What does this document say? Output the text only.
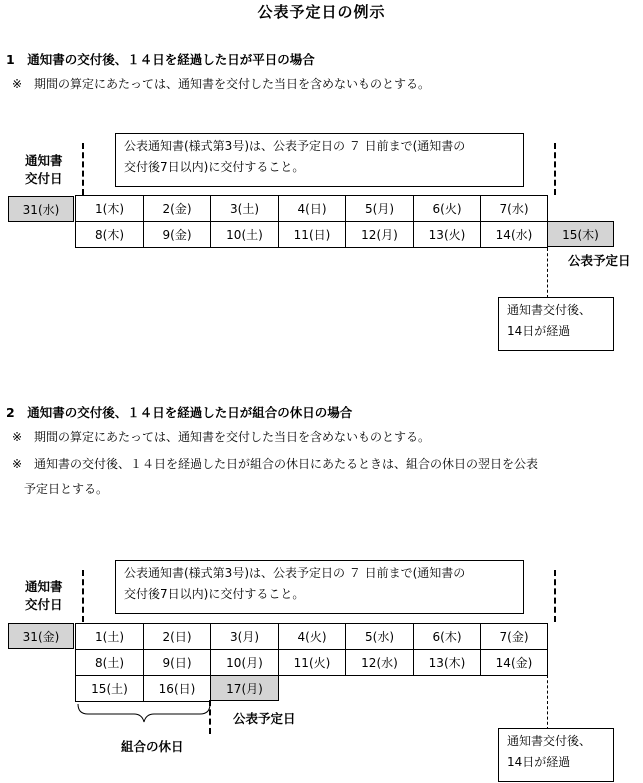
公表予定日の例示
1　通知書の交付後、１４日を経過した日が平日の場合
※　期間の算定にあたっては、通知書を交付した当日を含めないものとする。
通知書
交付日
公表通知書(様式第3号)は、公表予定日の ７ 日前まで(通知書の
交付後7日以内)に交付すること。
31(水)	1(木)	2(金)	3(土)	4(日)	5(月)	6(火)	7(水)
8(木)	9(金)	10(土)	11(日)	12(月)	13(火)	14(水)	15(木)
公表予定日
通知書交付後、
14日が経過
2　通知書の交付後、１４日を経過した日が組合の休日の場合
※　期間の算定にあたっては、通知書を交付した当日を含めないものとする。
※　通知書の交付後、１４日を経過した日が組合の休日にあたるときは、組合の休日の翌日を公表
予定日とする。
通知書
交付日
公表通知書(様式第3号)は、公表予定日の ７ 日前まで(通知書の
交付後7日以内)に交付すること。
31(金)	1(土)	2(日)	3(月)	4(火)	5(水)	6(木)	7(金)
8(土)	9(日)	10(月)	11(火)	12(水)	13(木)	14(金)
15(土)	16(日)	17(月)
公表予定日
組合の休日	通知書交付後、
14日が経過
